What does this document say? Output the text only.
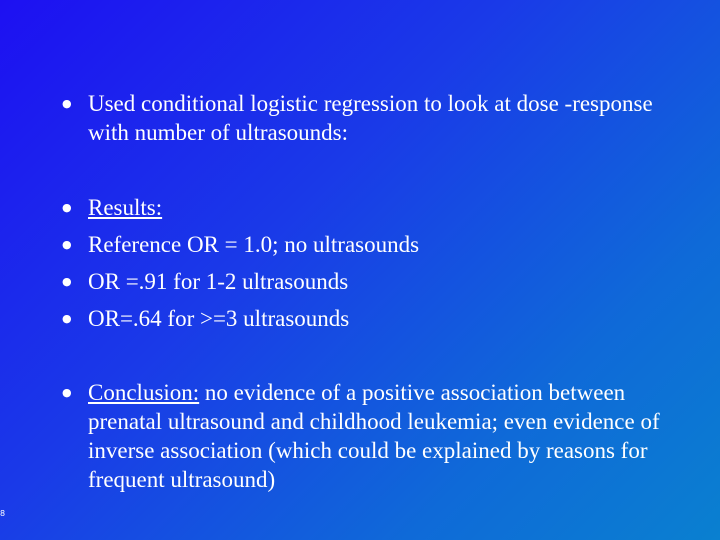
● Used conditional logistic regression to look at dose -response with number of ultrasounds:
● Results:
● Reference OR = 1.0; no ultrasounds
● OR =.91 for 1-2 ultrasounds
● OR=.64 for >=3 ultrasounds
● Conclusion: no evidence of a positive association between prenatal ultrasound and childhood leukemia; even evidence of inverse association (which could be explained by reasons for frequent ultrasound)
8
